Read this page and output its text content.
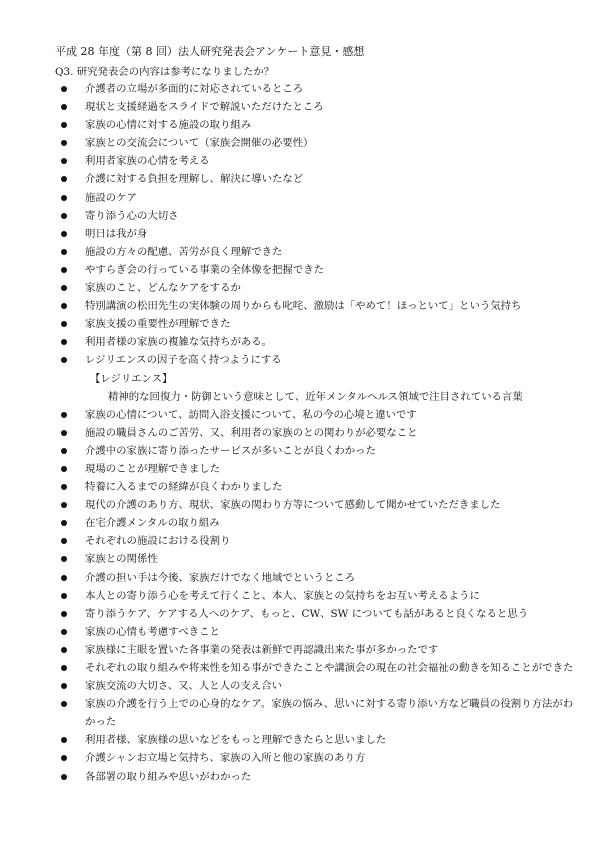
平成 28 年度（第 8 回）法人研究発表会アンケート意見・感想
Q3. 研究発表会の内容は参考になりましたか？
介護者の立場が多面的に対応されているところ
現状と支援経過をスライドで解説いただけたところ
家族の心情に対する施設の取り組み
家族との交流会について（家族会開催の必要性）
利用者家族の心情を考える
介護に対する負担を理解し、解決に導いたなど
施設のケア
寄り添う心の大切さ
明日は我が身
施設の方々の配慮、苦労が良く理解できた
やすらぎ会の行っている事業の全体像を把握できた
家族のこと、どんなケアをするか
特別講演の松田先生の実体験の周りからも叱咤、激励は「やめて！ほっといて」という気持ち
家族支援の重要性が理解できた
利用者様の家族の複雑な気持ちがある。
レジリエンスの因子を高く持つようにする
【レジリエンス】
精神的な回復力・防御という意味として、近年メンタルヘルス領域で注目されている言葉
家族の心情について、訪問入浴支援について、私の今の心境と違いです
施設の職員さんのご苦労、又、利用者の家族のとの関わりが必要なこと
介護中の家族に寄り添ったサービスが多いことが良くわかった
現場のことが理解できました
特養に入るまでの経緯が良くわかりました
現代の介護のあり方、現状、家族の関わり方等について感動して聞かせていただきました
在宅介護メンタルの取り組み
それぞれの施設における役割り
家族との関係性
介護の担い手は今後、家族だけでなく地域でというところ
本人との寄り添う心を考えて行くこと、本人、家族との気持ちをお互い考えるように
寄り添うケア、ケアする人へのケア、もっと、CW、SW についても話があると良くなると思う
家族の心情も考慮すべきこと
家族様に主眼を置いた各事業の発表は新鮮で再認識出来た事が多かったです
それぞれの取り組みや将来性を知る事ができたことや講演会の現在の社会福祉の動きを知ることができた
家族交流の大切さ、又、人と人の支え合い
家族の介護を行う上での心身的なケア。家族の悩み、思いに対する寄り添い方など職員の役割り方法がわかった
利用者様、家族様の思いなどをもっと理解できたらと思いました
介護シャンお立場と気持ち、家族の入所と他の家族のあり方
各部署の取り組みや思いがわかった
